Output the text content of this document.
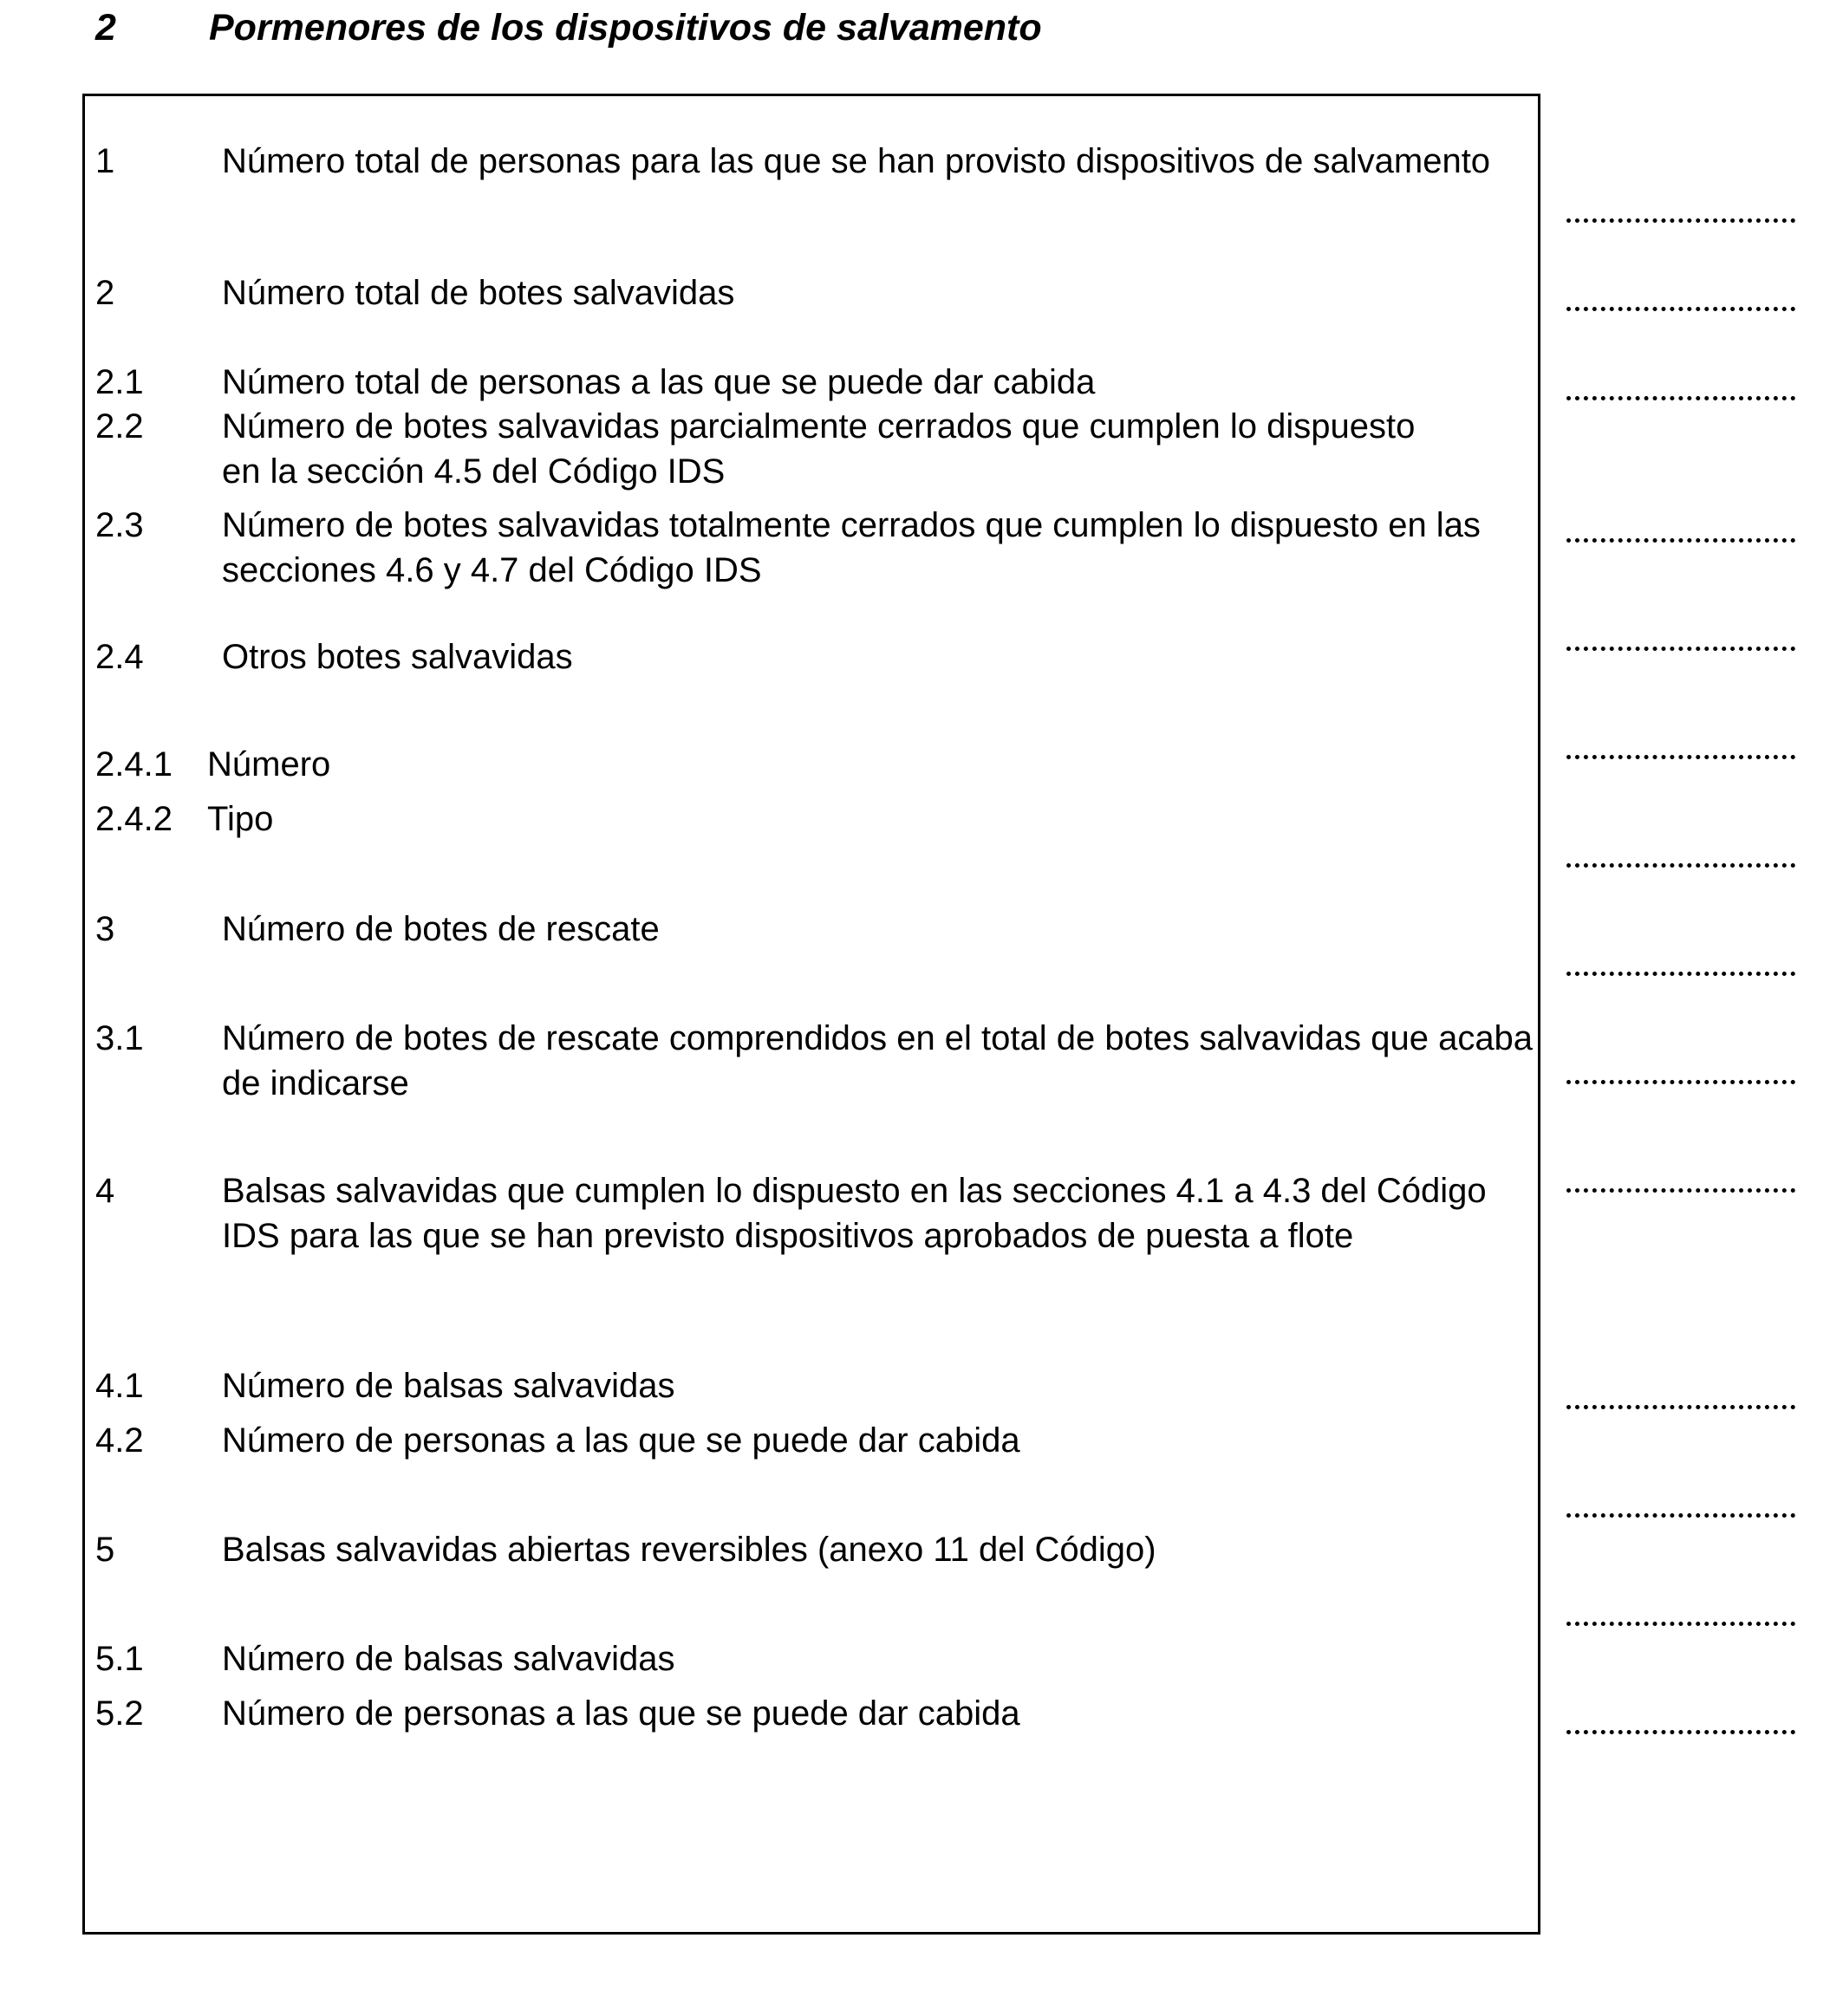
2 Pormenores de los dispositivos de salvamento
1	Número total de personas para las que se han provisto dispositivos de salvamento
2	Número total de botes salvavidas
2.1 Número total de personas a las que se puede dar cabida
2.2 Número de botes salvavidas parcialmente cerrados que cumplen lo dispuesto en la sección 4.5 del Código IDS
2.3 Número de botes salvavidas totalmente cerrados que cumplen lo dispuesto en las secciones 4.6 y 4.7 del Código IDS
2.4 Otros botes salvavidas
2.4.1 Número
2.4.2 Tipo
3	Número de botes de rescate
3.1 Número de botes de rescate comprendidos en el total de botes salvavidas que acaba de indicarse
4	Balsas salvavidas que cumplen lo dispuesto en las secciones 4.1 a 4.3 del Código IDS para las que se han previsto dispositivos aprobados de puesta a flote
4.1 Número de balsas salvavidas
4.2 Número de personas a las que se puede dar cabida
5	Balsas salvavidas abiertas reversibles (anexo 11 del Código)
5.1 Número de balsas salvavidas
5.2 Número de personas a las que se puede dar cabida
